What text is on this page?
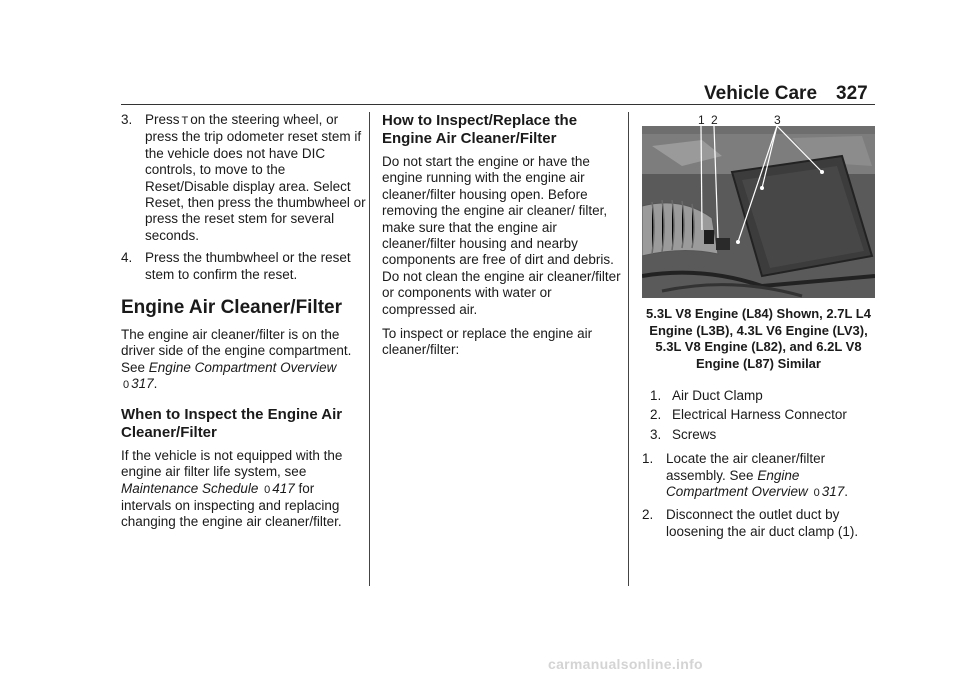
Vehicle Care 327
3. Press T on the steering wheel, or press the trip odometer reset stem if the vehicle does not have DIC controls, to move to the Reset/Disable display area. Select Reset, then press the thumbwheel or press the reset stem for several seconds.
4. Press the thumbwheel or the reset stem to confirm the reset.
Engine Air Cleaner/Filter

The engine air cleaner/filter is on the driver side of the engine compartment. See Engine Compartment Overview 0 317.

When to Inspect the Engine Air Cleaner/Filter

If the vehicle is not equipped with the engine air filter life system, see Maintenance Schedule 0 417 for intervals on inspecting and replacing changing the engine air cleaner/filter.

How to Inspect/Replace the Engine Air Cleaner/Filter

Do not start the engine or have the engine running with the engine air cleaner/filter housing open. Before removing the engine air cleaner/ filter, make sure that the engine air cleaner/filter housing and nearby components are free of dirt and debris. Do not clean the engine air cleaner/filter or components with water or compressed air.

To inspect or replace the engine air cleaner/filter:

1 2	3
5.3L V8 Engine (L84) Shown, 2.7L L4 Engine (L3B), 4.3L V6 Engine (LV3), 5.3L V8 Engine (L82), and 6.2L V8 Engine (L87) Similar
1. Air Duct Clamp
2. Electrical Harness Connector
3. Screws
1. Locate the air cleaner/filter assembly. See Engine Compartment Overview 0 317.
2. Disconnect the outlet duct by loosening the air duct clamp (1).
carmanualsonline.info
